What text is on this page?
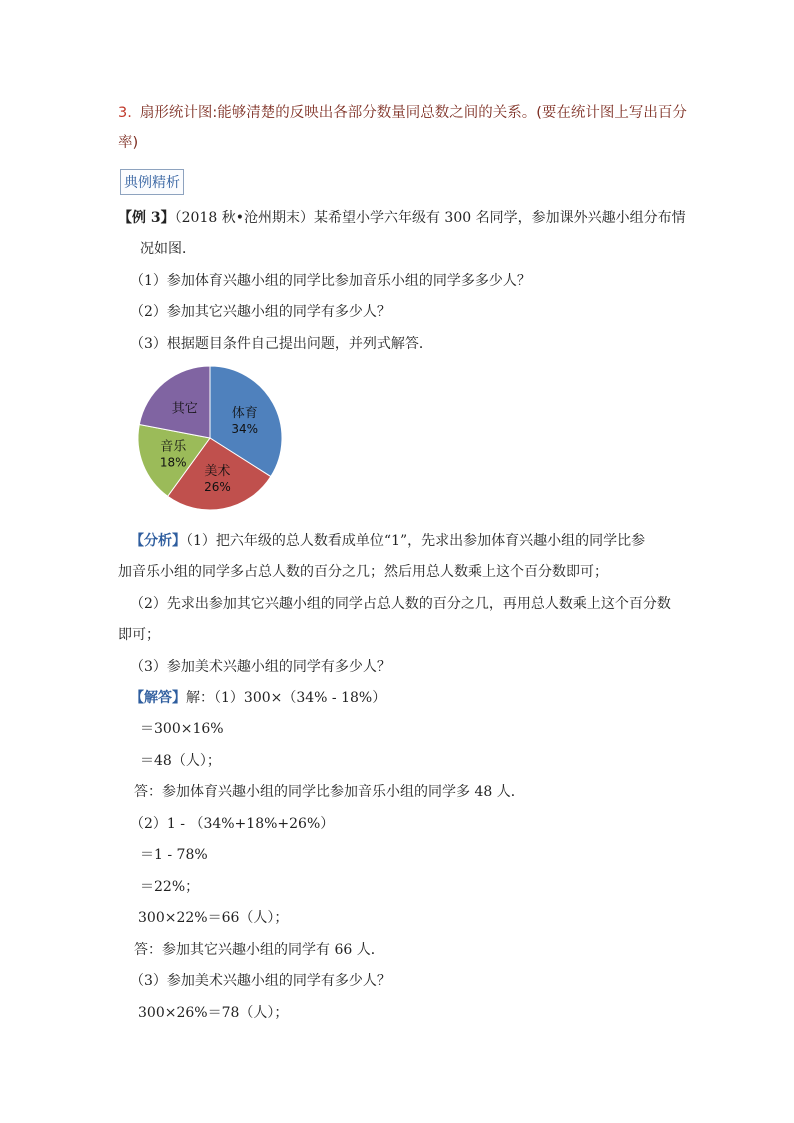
3. 扇形统计图:能够清楚的反映出各部分数量同总数之间的关系。(要在统计图上写出百分
率)
典例精析
【例 3】（2018 秋•沧州期末）某希望小学六年级有 300 名同学，参加课外兴趣小组分布情
况如图．
（1）参加体育兴趣小组的同学比参加音乐小组的同学多多少人？
（2）参加其它兴趣小组的同学有多少人？
（3）根据题目条件自己提出问题，并列式解答．
体育
34%
美术
26%
音乐
18%
其它
【分析】（1）把六年级的总人数看成单位“1”，先求出参加体育兴趣小组的同学比参
加音乐小组的同学多占总人数的百分之几；然后用总人数乘上这个百分数即可；
（2）先求出参加其它兴趣小组的同学占总人数的百分之几，再用总人数乘上这个百分数
即可；
（3）参加美术兴趣小组的同学有多少人？
【解答】解：（1）300×（34% - 18%）
＝300×16%
＝48（人）；
答：参加体育兴趣小组的同学比参加音乐小组的同学多 48 人．
（2）1 - （34%+18%+26%）
＝1 - 78%
＝22%；
300×22%＝66（人）；
答：参加其它兴趣小组的同学有 66 人．
（3）参加美术兴趣小组的同学有多少人？
300×26%＝78（人）；
